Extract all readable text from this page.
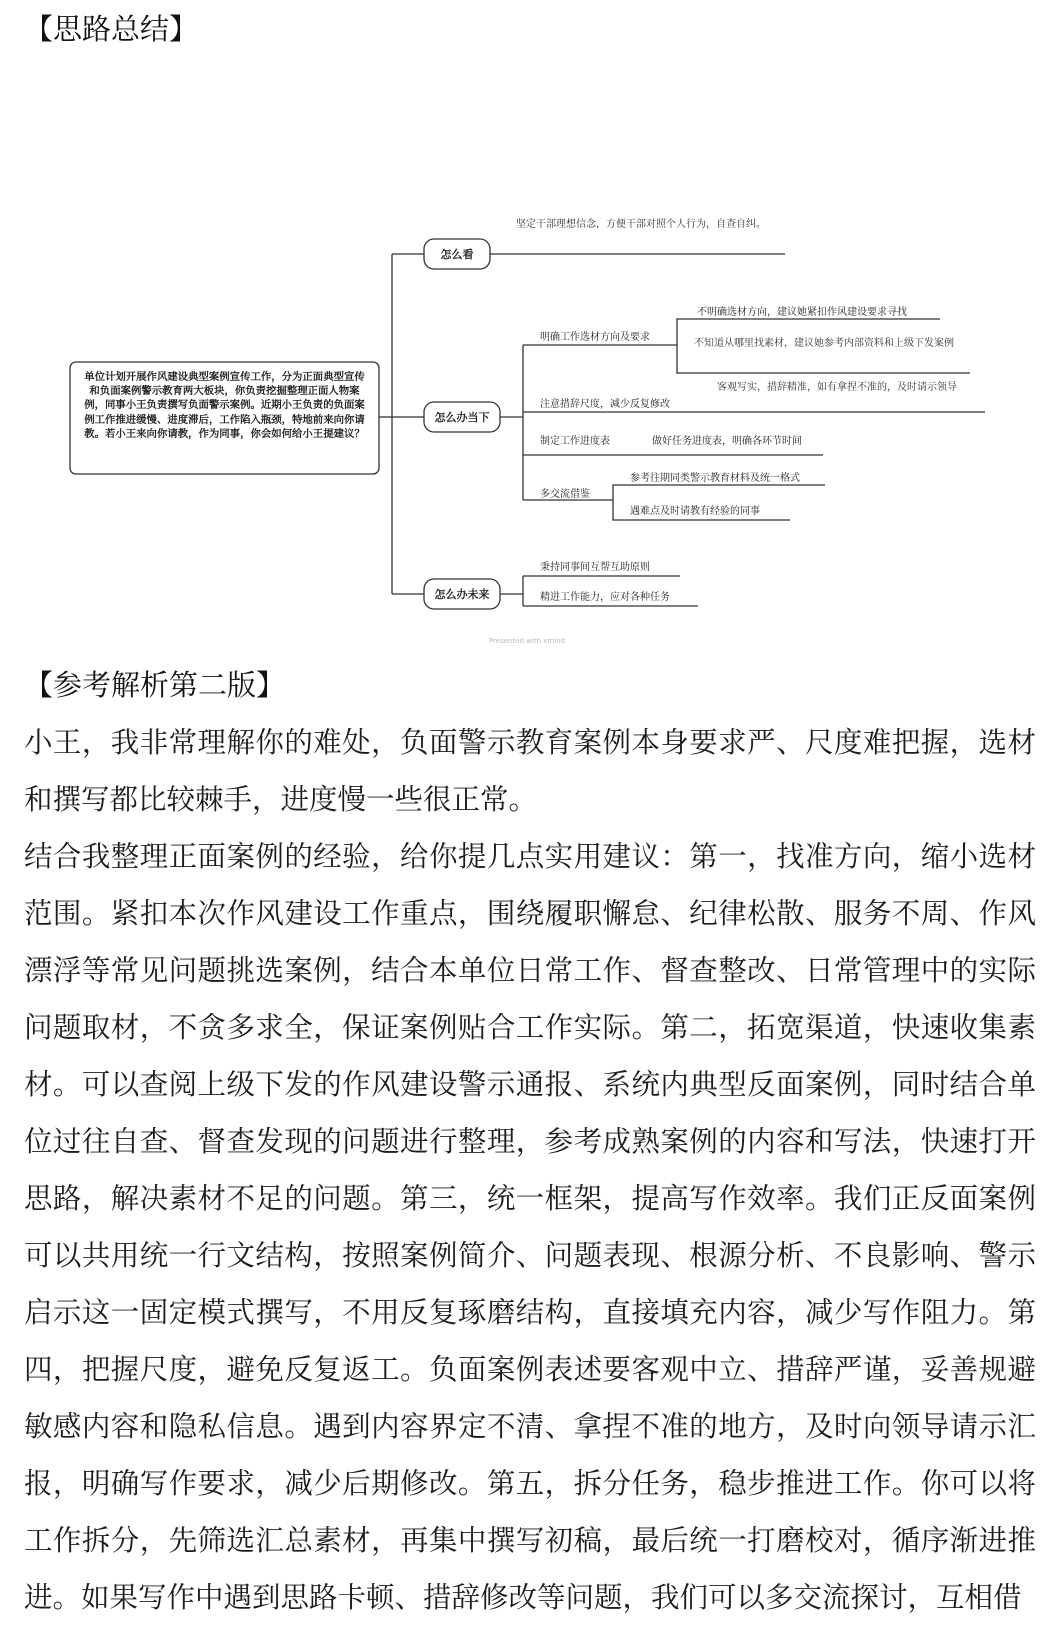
【思路总结】
单位计划开展作风建设典型案例宣传工作，分为正面典型宣传和负面案例警示教育两大板块，你负责挖掘整理正面人物案例，同事小王负责撰写负面警示案例。近期小王负责的负面案例工作推进缓慢、进度滞后，工作陷入瓶颈，特地前来向你请教。若小王来向你请教，作为同事，你会如何给小王提建议？
怎么看
怎么办当下
怎么办未来
坚定干部理想信念，方便干部对照个人行为，自查自纠。
明确工作选材方向及要求
不明确选材方向，建议她紧扣作风建设要求寻找
不知道从哪里找素材，建议她参考内部资料和上级下发案例
注意措辞尺度，减少反复修改
客观写实，措辞精准，如有拿捏不准的，及时请示领导
制定工作进度表	做好任务进度表，明确各环节时间
多交流借鉴
参考往期同类警示教育材料及统一格式
遇难点及时请教有经验的同事
秉持同事间互帮互助原则
精进工作能力，应对各种任务
Presented with xmind
【参考解析第二版】

小王，我非常理解你的难处，负面警示教育案例本身要求严、尺度难把握，选材和撰写都比较棘手，进度慢一些很正常。

结合我整理正面案例的经验，给你提几点实用建议：第一，找准方向，缩小选材范围。紧扣本次作风建设工作重点，围绕履职懈怠、纪律松散、服务不周、作风漂浮等常见问题挑选案例，结合本单位日常工作、督查整改、日常管理中的实际问题取材，不贪多求全，保证案例贴合工作实际。第二，拓宽渠道，快速收集素材。可以查阅上级下发的作风建设警示通报、系统内典型反面案例，同时结合单位过往自查、督查发现的问题进行整理，参考成熟案例的内容和写法，快速打开思路，解决素材不足的问题。第三，统一框架，提高写作效率。我们正反面案例可以共用统一行文结构，按照案例简介、问题表现、根源分析、不良影响、警示启示这一固定模式撰写，不用反复琢磨结构，直接填充内容，减少写作阻力。第四，把握尺度，避免反复返工。负面案例表述要客观中立、措辞严谨，妥善规避敏感内容和隐私信息。遇到内容界定不清、拿捏不准的地方，及时向领导请示汇报，明确写作要求，减少后期修改。第五，拆分任务，稳步推进工作。你可以将工作拆分，先筛选汇总素材，再集中撰写初稿，最后统一打磨校对，循序渐进推进。如果写作中遇到思路卡顿、措辞修改等问题，我们可以多交流探讨，互相借
